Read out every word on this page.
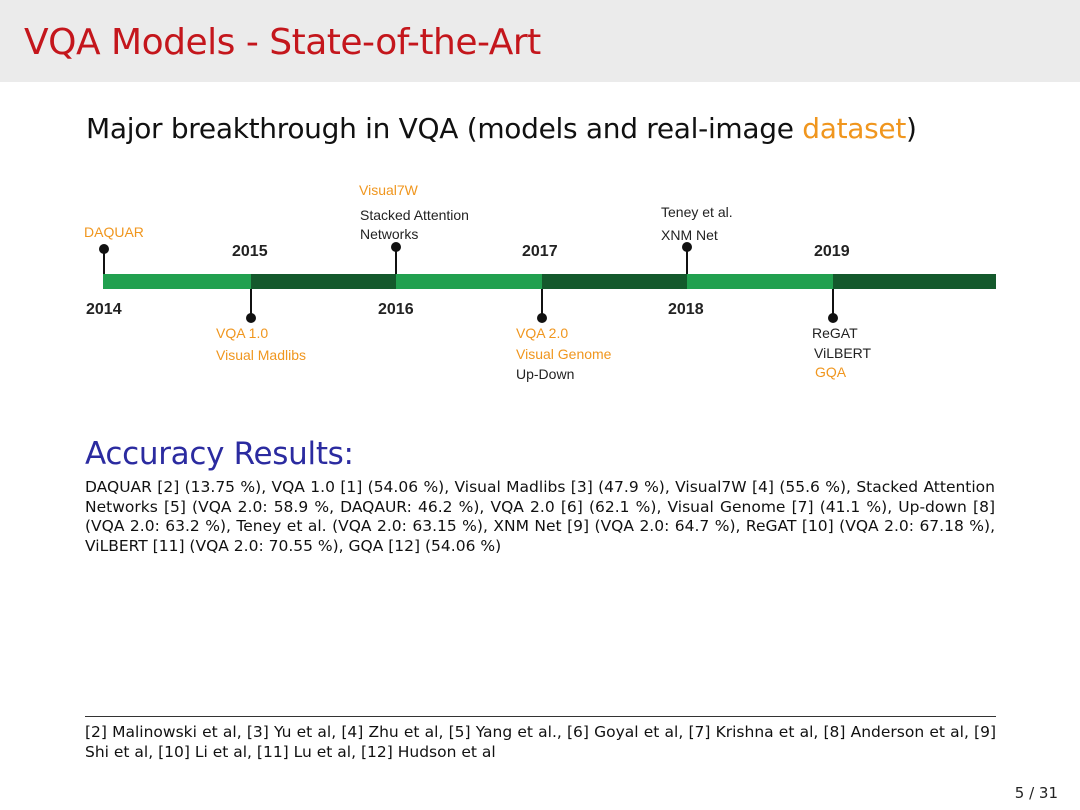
VQA Models - State-of-the-Art
Major breakthrough in VQA (models and real-image dataset)
2014
DAQUAR
2015
VQA 1.0
Visual Madlibs
2016
Visual7W
Stacked Attention
Networks
2017
VQA 2.0
Visual Genome
Up-Down
2018
Teney et al.
XNM Net
2019
ReGAT
ViLBERT
GQA
Accuracy Results:
DAQUAR [2] (13.75 %), VQA 1.0 [1] (54.06 %), Visual Madlibs [3] (47.9 %), Visual7W [4] (55.6 %), Stacked Attention Networks [5] (VQA 2.0: 58.9 %, DAQAUR: 46.2 %), VQA 2.0 [6] (62.1 %), Visual Genome [7] (41.1 %), Up-down [8] (VQA 2.0: 63.2 %), Teney et al. (VQA 2.0: 63.15 %), XNM Net [9] (VQA 2.0: 64.7 %), ReGAT [10] (VQA 2.0: 67.18 %), ViLBERT [11] (VQA 2.0: 70.55 %), GQA [12] (54.06 %)
[2] Malinowski et al, [3] Yu et al, [4] Zhu et al, [5] Yang et al., [6] Goyal et al, [7] Krishna et al, [8] Anderson et al, [9] Shi et al, [10] Li et al, [11] Lu et al, [12] Hudson et al
5 / 31
